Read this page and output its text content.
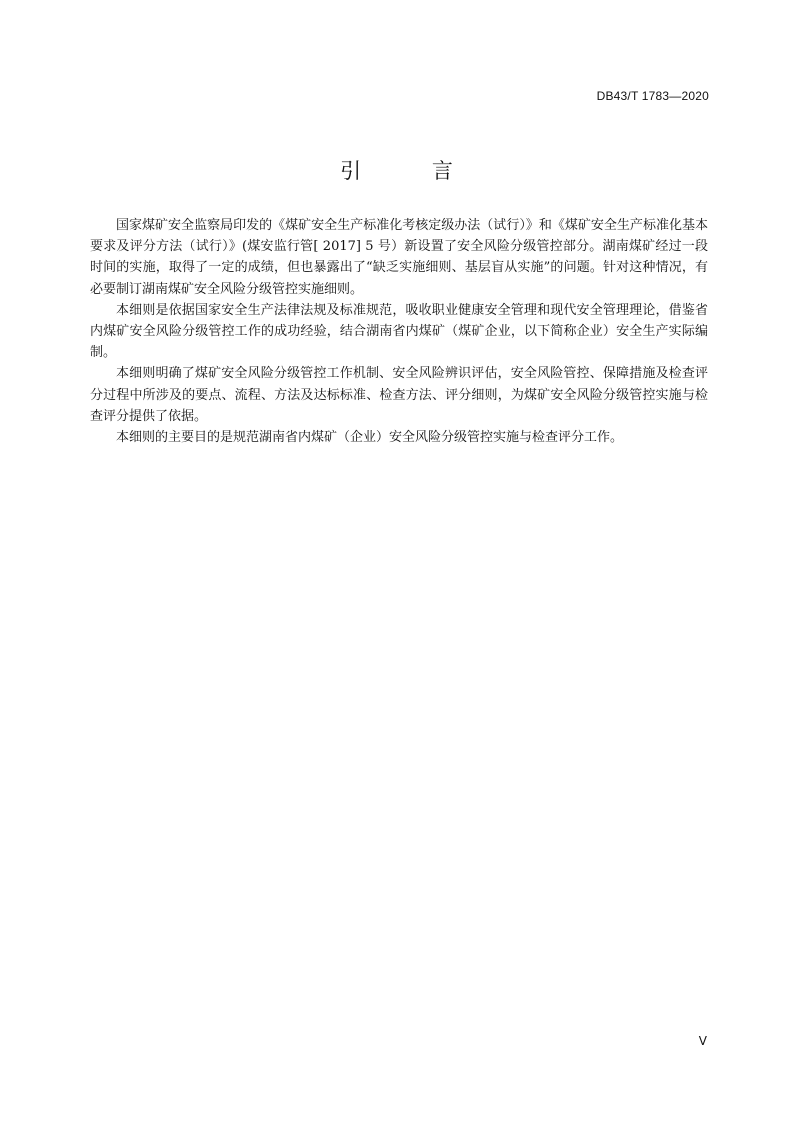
DB43/T 1783—2020
引 言

国家煤矿安全监察局印发的《煤矿安全生产标准化考核定级办法（试行）》和《煤矿安全生产标准化基本要求及评分方法（试行）》(煤安监行管[ 2017] 5 号）新设置了安全风险分级管控部分。湖南煤矿经过一段时间的实施，取得了一定的成绩，但也暴露出了“缺乏实施细则、基层盲从实施”的问题。针对这种情况，有必要制订湖南煤矿安全风险分级管控实施细则。

本细则是依据国家安全生产法律法规及标准规范，吸收职业健康安全管理和现代安全管理理论，借鉴省内煤矿安全风险分级管控工作的成功经验，结合湖南省内煤矿（煤矿企业，以下简称企业）安全生产实际编制。

本细则明确了煤矿安全风险分级管控工作机制、安全风险辨识评估，安全风险管控、保障措施及检查评分过程中所涉及的要点、流程、方法及达标标准、检查方法、评分细则，为煤矿安全风险分级管控实施与检查评分提供了依据。

本细则的主要目的是规范湖南省内煤矿（企业）安全风险分级管控实施与检查评分工作。

V
